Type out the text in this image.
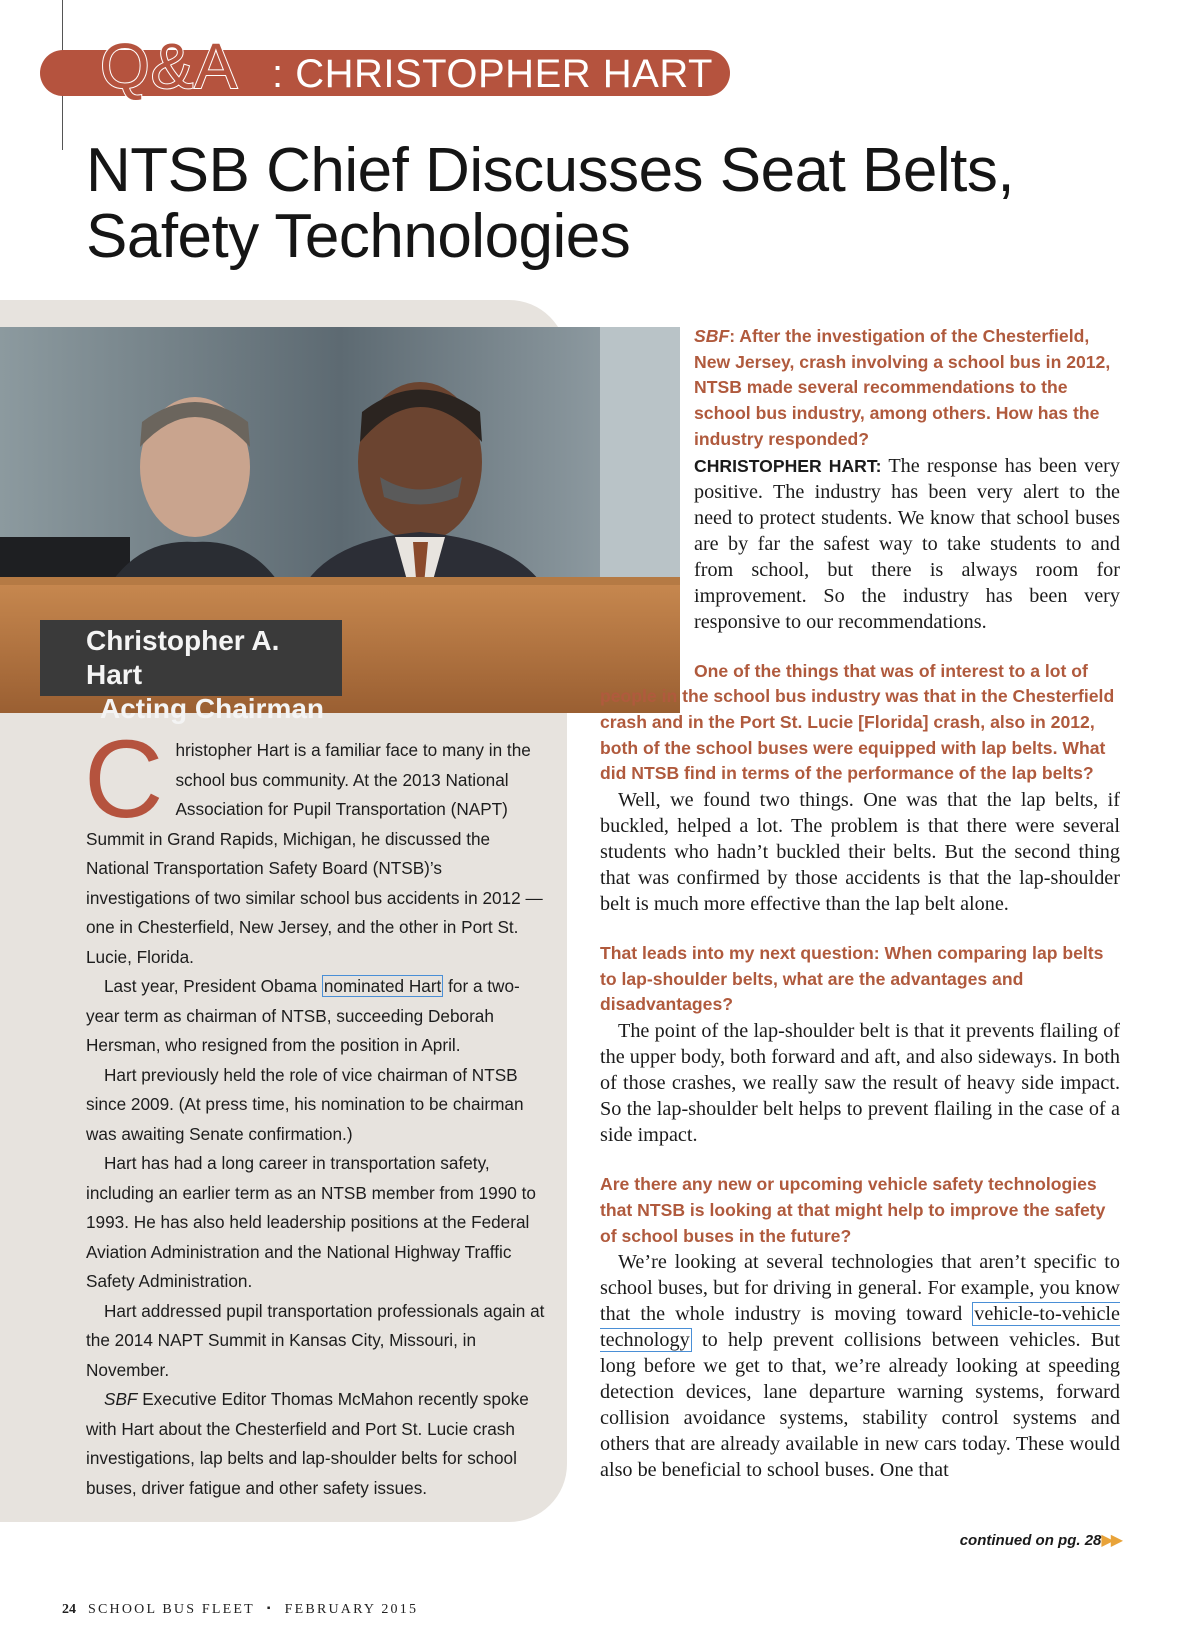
Q&A : CHRISTOPHER HART
NTSB Chief Discusses Seat Belts, Safety Technologies
Christopher A. Hart
Acting Chairman

Christopher Hart is a familiar face to many in the school bus community. At the 2013 National Association for Pupil Transportation (NAPT) Summit in Grand Rapids, Michigan, he discussed the National Transportation Safety Board (NTSB)’s investigations of two similar school bus accidents in 2012 — one in Chesterfield, New Jersey, and the other in Port St. Lucie, Florida.

Last year, President Obama nominated Hart for a two-year term as chairman of NTSB, succeeding Deborah Hersman, who resigned from the position in April.

Hart previously held the role of vice chairman of NTSB since 2009. (At press time, his nomination to be chairman was awaiting Senate confirmation.)

Hart has had a long career in transportation safety, including an earlier term as an NTSB member from 1990 to 1993. He has also held leadership positions at the Federal Aviation Administration and the National Highway Traffic Safety Administration.

Hart addressed pupil transportation professionals again at the 2014 NAPT Summit in Kansas City, Missouri, in November.

SBF Executive Editor Thomas McMahon recently spoke with Hart about the Chesterfield and Port St. Lucie crash investigations, lap belts and lap-shoulder belts for school buses, driver fatigue and other safety issues.

SBF: After the investigation of the Chesterfield, New Jersey, crash involving a school bus in 2012, NTSB made several recommendations to the school bus industry, among others. How has the industry responded?

CHRISTOPHER HART: The response has been very positive. The industry has been very alert to the need to protect students. We know that school buses are by far the safest way to take students to and from school, but there is always room for improvement. So the industry has been very responsive to our recommendations.

One of the things that was of interest to a lot of people in the school bus industry was that in the Chesterfield crash and in the Port St. Lucie [Florida] crash, also in 2012, both of the school buses were equipped with lap belts. What did NTSB find in terms of the performance of the lap belts?

Well, we found two things. One was that the lap belts, if buckled, helped a lot. The problem is that there were several students who hadn’t buckled their belts. But the second thing that was confirmed by those accidents is that the lap-shoulder belt is much more effective than the lap belt alone.

That leads into my next question: When comparing lap belts to lap-shoulder belts, what are the advantages and disadvantages?

The point of the lap-shoulder belt is that it prevents flailing of the upper body, both forward and aft, and also sideways. In both of those crashes, we really saw the result of heavy side impact. So the lap-shoulder belt helps to prevent flailing in the case of a side impact.

Are there any new or upcoming vehicle safety technologies that NTSB is looking at that might help to improve the safety of school buses in the future?

We’re looking at several technologies that aren’t specific to school buses, but for driving in general. For example, you know that the whole industry is moving toward vehicle-to-vehicle technology to help prevent collisions between vehicles. But long before we get to that, we’re already looking at speeding detection devices, lane departure warning systems, forward collision avoidance systems, stability control systems and others that are already available in new cars today. These would also be beneficial to school buses. One that

continued on pg. 28▶▶
24 SCHOOL BUS FLEET ▪ FEBRUARY 2015
